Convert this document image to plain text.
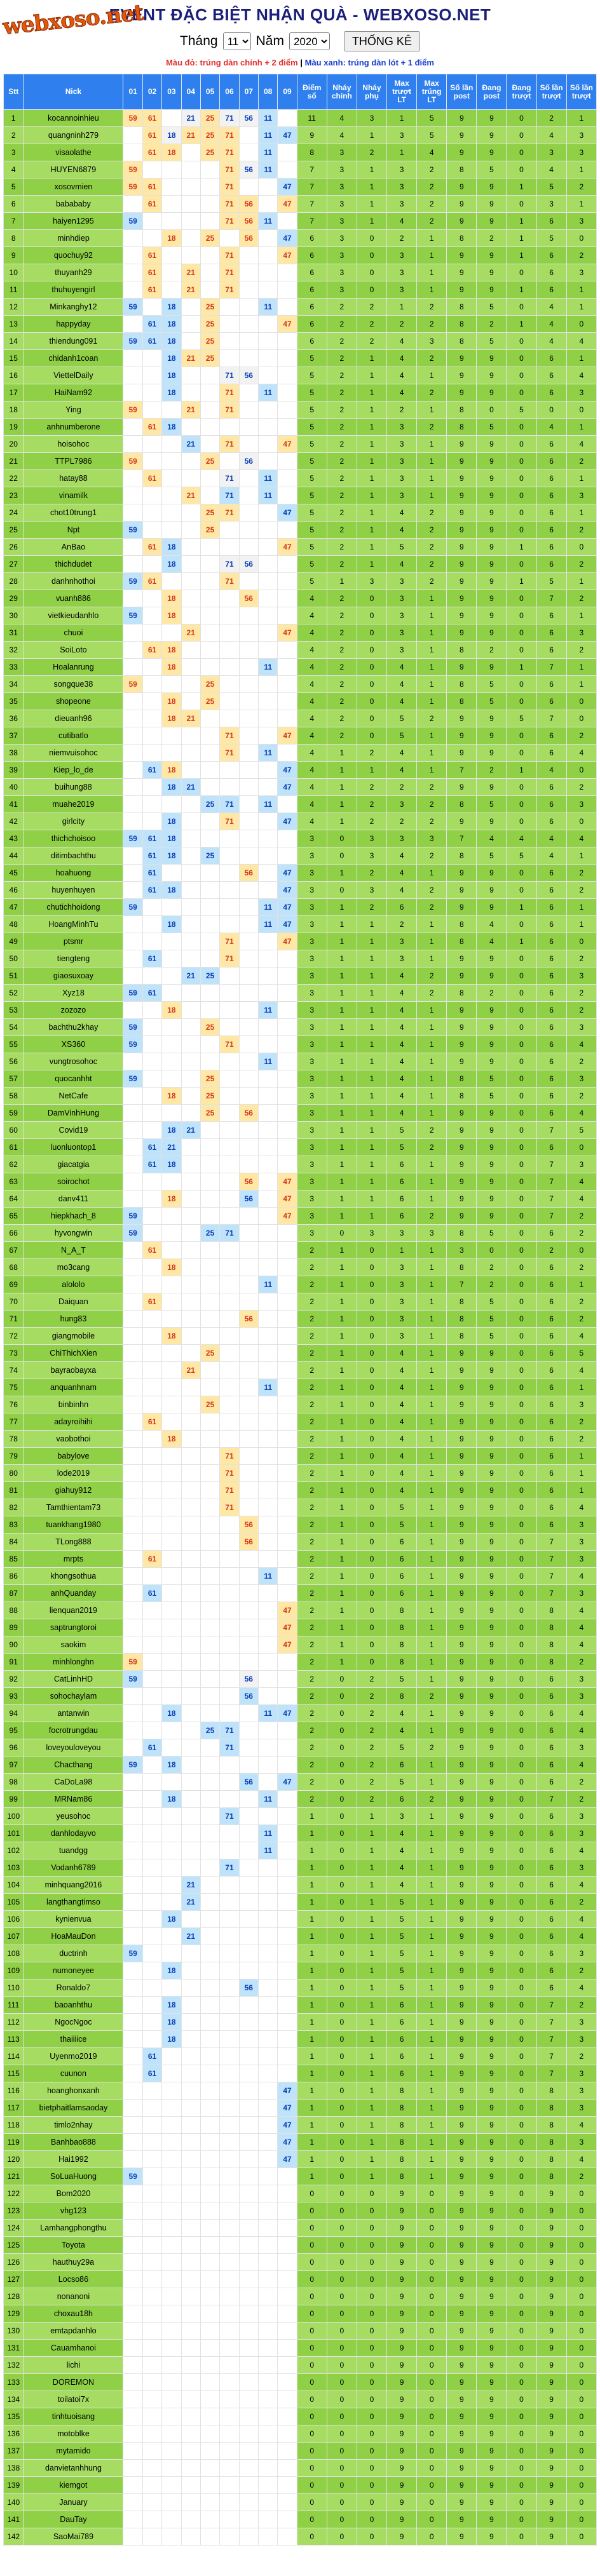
webxoso.net
EVENT ĐẶC BIỆT NHẬN QUÀ - WEBXOSO.NET
Tháng
11	Năm
2020	THỐNG KÊ
Màu đỏ: trúng dàn chính + 2 điểm | Màu xanh: trúng dàn lót + 1 điểm
Stt	Nick	01	02	03	04	05	06	07	08	09	Điểm số	Nháy chính	Nháy phụ	Max trượt LT	Max trúng LT	Số lần post	Đang post	Đang trượt	Số lần trượt	Số lần trượt
1	kocannoinhieu	59	61		21	25	71	56	11		11	4	3	1	5	9	9	0	2	1
2	quangninh279		61	18	21	25	71		11	47	9	4	1	3	5	9	9	0	4	3
3	visaolathe		61	18		25	71		11		8	3	2	1	4	9	9	0	3	3
4	HUYEN6879	59					71	56	11		7	3	1	3	2	8	5	0	4	1
5	xosovmien	59	61				71			47	7	3	1	3	2	9	9	1	5	2
6	babababy		61				71	56		47	7	3	1	3	2	9	9	0	3	1
7	haiyen1295	59					71	56	11		7	3	1	4	2	9	9	1	6	3
8	minhdiep			18		25		56		47	6	3	0	2	1	8	2	1	5	0
9	quochuy92		61				71			47	6	3	0	3	1	9	9	1	6	2
10	thuyanh29		61		21		71				6	3	0	3	1	9	9	0	6	3
11	thuhuyengirl		61		21		71				6	3	0	3	1	9	9	1	6	1
12	Minkanghy12	59		18		25			11		6	2	2	1	2	8	5	0	4	1
13	happyday		61	18		25				47	6	2	2	2	2	8	2	1	4	0
14	thiendung091	59	61	18		25					6	2	2	4	3	8	5	0	4	4
15	chidanh1coan			18	21	25					5	2	1	4	2	9	9	0	6	1
16	ViettelDaily			18			71	56			5	2	1	4	1	9	9	0	6	4
17	HaiNam92			18			71		11		5	2	1	4	2	9	9	0	6	3
18	Ying	59			21		71				5	2	1	2	1	8	0	5	0	0
19	anhnumberone		61	18							5	2	1	3	2	8	5	0	4	1
20	hoisohoc				21		71			47	5	2	1	3	1	9	9	0	6	4
21	TTPL7986	59				25		56			5	2	1	3	1	9	9	0	6	2
22	hatay88		61				71		11		5	2	1	3	1	9	9	0	6	1
23	vinamilk				21		71		11		5	2	1	3	1	9	9	0	6	3
24	chot10trung1					25	71			47	5	2	1	4	2	9	9	0	6	1
25	Npt	59				25					5	2	1	4	2	9	9	0	6	2
26	AnBao		61	18						47	5	2	1	5	2	9	9	1	6	0
27	thichdudet			18			71	56			5	2	1	4	2	9	9	0	6	2
28	danhnhothoi	59	61				71				5	1	3	3	2	9	9	1	5	1
29	vuanh886			18				56			4	2	0	3	1	9	9	0	7	2
30	vietkieudanhlo	59		18							4	2	0	3	1	9	9	0	6	1
31	chuoi				21					47	4	2	0	3	1	9	9	0	6	3
32	SoiLoto		61	18							4	2	0	3	1	8	2	0	6	2
33	Hoalanrung			18					11		4	2	0	4	1	9	9	1	7	1
34	songque38	59				25					4	2	0	4	1	8	5	0	6	1
35	shopeone			18		25					4	2	0	4	1	8	5	0	6	0
36	dieuanh96			18	21						4	2	0	5	2	9	9	5	7	0
37	cutibatlo						71			47	4	2	0	5	1	9	9	0	6	2
38	niemvuisohoc						71		11		4	1	2	4	1	9	9	0	6	4
39	Kiep_lo_de		61	18						47	4	1	1	4	1	7	2	1	4	0
40	buihung88			18	21					47	4	1	2	2	2	9	9	0	6	2
41	muahe2019					25	71		11		4	1	2	3	2	8	5	0	6	3
42	girlcity			18			71			47	4	1	2	2	2	9	9	0	6	0
43	thichchoisoo	59	61	18							3	0	3	3	3	7	4	4	4	4
44	ditimbachthu		61	18		25					3	0	3	4	2	8	5	5	4	1
45	hoahuong		61					56		47	3	1	2	4	1	9	9	0	6	2
46	huyenhuyen		61	18						47	3	0	3	4	2	9	9	0	6	2
47	chutichhoidong	59							11	47	3	1	2	6	2	9	9	1	6	1
48	HoangMinhTu			18					11	47	3	1	1	2	1	8	4	0	6	1
49	ptsmr						71			47	3	1	1	3	1	8	4	1	6	0
50	tiengteng		61				71				3	1	1	3	1	9	9	0	6	2
51	giaosuxoay				21	25					3	1	1	4	2	9	9	0	6	3
52	Xyz18	59	61								3	1	1	4	2	8	2	0	6	2
53	zozozo			18					11		3	1	1	4	1	9	9	0	6	2
54	bachthu2khay	59				25					3	1	1	4	1	9	9	0	6	3
55	XS360	59					71				3	1	1	4	1	9	9	0	6	4
56	vungtrosohoc								11		3	1	1	4	1	9	9	0	6	2
57	quocanhht	59				25					3	1	1	4	1	8	5	0	6	3
58	NetCafe			18		25					3	1	1	4	1	8	5	0	6	2
59	DamVinhHung					25		56			3	1	1	4	1	9	9	0	6	4
60	Covid19			18	21						3	1	1	5	2	9	9	0	7	5
61	luonluontop1		61	21							3	1	1	5	2	9	9	0	6	0
62	giacatgia		61	18							3	1	1	6	1	9	9	0	7	3
63	soirochot							56		47	3	1	1	6	1	9	9	0	7	4
64	danv411			18				56		47	3	1	1	6	1	9	9	0	7	4
65	hiepkhach_8	59								47	3	1	1	6	2	9	9	0	7	2
66	hyvongwin	59				25	71				3	0	3	3	3	8	5	0	6	2
67	N_A_T		61								2	1	0	1	1	3	0	0	2	0
68	mo3cang			18							2	1	0	3	1	8	2	0	6	2
69	alololo								11		2	1	0	3	1	7	2	0	6	1
70	Daiquan		61								2	1	0	3	1	8	5	0	6	2
71	hung83							56			2	1	0	3	1	8	5	0	6	2
72	giangmobile			18							2	1	0	3	1	8	5	0	6	4
73	ChiThichXien					25					2	1	0	4	1	9	9	0	6	5
74	bayraobayxa				21						2	1	0	4	1	9	9	0	6	4
75	anquanhnam								11		2	1	0	4	1	9	9	0	6	1
76	binbinhn					25					2	1	0	4	1	9	9	0	6	3
77	adayroihihi		61								2	1	0	4	1	9	9	0	6	2
78	vaobothoi			18							2	1	0	4	1	9	9	0	6	2
79	babylove						71				2	1	0	4	1	9	9	0	6	1
80	lode2019						71				2	1	0	4	1	9	9	0	6	1
81	giahuy912						71				2	1	0	4	1	9	9	0	6	1
82	Tamthientam73						71				2	1	0	5	1	9	9	0	6	4
83	tuankhang1980							56			2	1	0	5	1	9	9	0	6	3
84	TLong888							56			2	1	0	6	1	9	9	0	7	3
85	mrpts		61								2	1	0	6	1	9	9	0	7	3
86	khongsothua								11		2	1	0	6	1	9	9	0	7	4
87	anhQuanday		61								2	1	0	6	1	9	9	0	7	3
88	lienquan2019									47	2	1	0	8	1	9	9	0	8	4
89	saptrungtoroi									47	2	1	0	8	1	9	9	0	8	4
90	saokim									47	2	1	0	8	1	9	9	0	8	4
91	minhlonghn	59									2	1	0	8	1	9	9	0	8	2
92	CatLinhHD	59						56			2	0	2	5	1	9	9	0	6	3
93	sohochaylam							56			2	0	2	8	2	9	9	0	6	3
94	antanwin			18					11	47	2	0	2	4	1	9	9	0	6	4
95	focrotrungdau					25	71				2	0	2	4	1	9	9	0	6	4
96	loveyouloveyou		61				71				2	0	2	5	2	9	9	0	6	3
97	Chacthang	59		18							2	0	2	6	1	9	9	0	6	4
98	CaDoLa98							56		47	2	0	2	5	1	9	9	0	6	2
99	MRNam86			18					11		2	0	2	6	2	9	9	0	7	2
100	yeusohoc						71				1	0	1	3	1	9	9	0	6	3
101	danhlodayvo								11		1	0	1	4	1	9	9	0	6	3
102	tuandgg								11		1	0	1	4	1	9	9	0	6	4
103	Vodanh6789						71				1	0	1	4	1	9	9	0	6	3
104	minhquang2016				21						1	0	1	4	1	9	9	0	6	4
105	langthangtimso				21						1	0	1	5	1	9	9	0	6	2
106	kynienvua			18							1	0	1	5	1	9	9	0	6	4
107	HoaMauDon				21						1	0	1	5	1	9	9	0	6	4
108	ductrinh	59									1	0	1	5	1	9	9	0	6	3
109	numoneyee			18							1	0	1	5	1	9	9	0	6	2
110	Ronaldo7							56			1	0	1	5	1	9	9	0	6	4
111	baoanhthu			18							1	0	1	6	1	9	9	0	7	2
112	NgocNgoc			18							1	0	1	6	1	9	9	0	7	3
113	thaiiiice			18							1	0	1	6	1	9	9	0	7	3
114	Uyenmo2019		61								1	0	1	6	1	9	9	0	7	2
115	cuunon		61								1	0	1	6	1	9	9	0	7	3
116	hoanghonxanh									47	1	0	1	8	1	9	9	0	8	3
117	bietphaitlamsaoday									47	1	0	1	8	1	9	9	0	8	3
118	timlo2nhay									47	1	0	1	8	1	9	9	0	8	4
119	Banhbao888									47	1	0	1	8	1	9	9	0	8	3
120	Hai1992									47	1	0	1	8	1	9	9	0	8	4
121	SoLuaHuong	59									1	0	1	8	1	9	9	0	8	2
122	Bom2020										0	0	0	9	0	9	9	0	9	0
123	vhg123										0	0	0	9	0	9	9	0	9	0
124	Lamhangphongthu										0	0	0	9	0	9	9	0	9	0
125	Toyota										0	0	0	9	0	9	9	0	9	0
126	hauthuy29a										0	0	0	9	0	9	9	0	9	0
127	Locso86										0	0	0	9	0	9	9	0	9	0
128	nonanoni										0	0	0	9	0	9	9	0	9	0
129	choxau18h										0	0	0	9	0	9	9	0	9	0
130	emtapdanhlo										0	0	0	9	0	9	9	0	9	0
131	Cauamhanoi										0	0	0	9	0	9	9	0	9	0
132	lichi										0	0	0	9	0	9	9	0	9	0
133	DOREMON										0	0	0	9	0	9	9	0	9	0
134	toilatoi7x										0	0	0	9	0	9	9	0	9	0
135	tinhtuoisang										0	0	0	9	0	9	9	0	9	0
136	motoblke										0	0	0	9	0	9	9	0	9	0
137	mytamido										0	0	0	9	0	9	9	0	9	0
138	danvietanhhung										0	0	0	9	0	9	9	0	9	0
139	kiemgot										0	0	0	9	0	9	9	0	9	0
140	January										0	0	0	9	0	9	9	0	9	0
141	DauTay										0	0	0	9	0	9	9	0	9	0
142	SaoMai789										0	0	0	9	0	9	9	0	9	0
